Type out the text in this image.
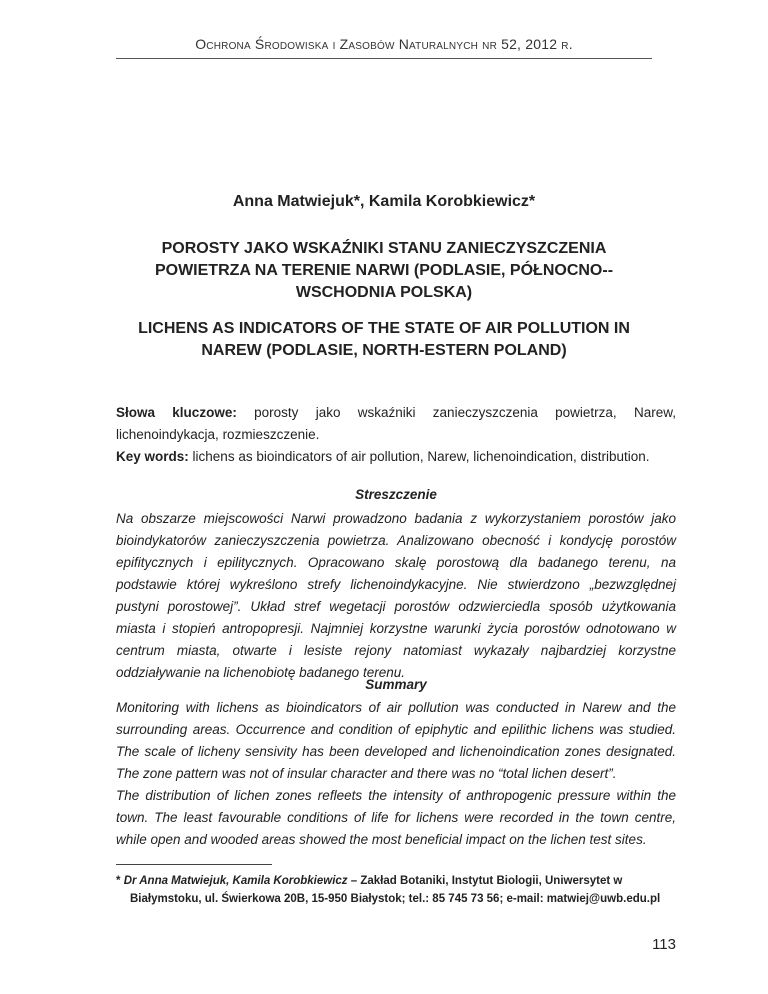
Ochrona Środowiska i Zasobów Naturalnych nr 52, 2012 r.
Anna Matwiejuk*, Kamila Korobkiewicz*
POROSTY JAKO WSKAŹNIKI STANU ZANIECZYSZCZENIA POWIETRZA NA TERENIE NARWI (PODLASIE, PÓŁNOCNO--WSCHODNIA POLSKA)
LICHENS AS INDICATORS OF THE STATE OF AIR POLLUTION IN NAREW (PODLASIE, NORTH-ESTERN POLAND)
Słowa kluczowe: porosty jako wskaźniki zanieczyszczenia powietrza, Narew, lichenoindykacja, rozmieszczenie.
Key words: lichens as bioindicators of air pollution, Narew, lichenoindication, distribution.
Streszczenie
Na obszarze miejscowości Narwi prowadzono badania z wykorzystaniem porostów jako bioindykatorów zanieczyszczenia powietrza. Analizowano obecność i kondycję porostów epifitycznych i epilitycznych. Opracowano skalę porostową dla badanego terenu, na podstawie której wykreślono strefy lichenoindykacyjne. Nie stwierdzono „bezwzględnej pustyni porostowej”. Układ stref wegetacji porostów odzwierciedla sposób użytkowania miasta i stopień antropopresji. Najmniej korzystne warunki życia porostów odnotowano w centrum miasta, otwarte i lesiste rejony natomiast wykazały najbardziej korzystne oddziaływanie na lichenobiotę badanego terenu.
Summary

Monitoring with lichens as bioindicators of air pollution was conducted in Narew and the surrounding areas. Occurrence and condition of epiphytic and epilithic lichens was studied. The scale of licheny sensivity has been developed and lichenoindication zones designated. The zone pattern was not of insular character and there was no “total lichen desert”.

The distribution of lichen zones refleets the intensity of anthropogenic pressure within the town. The least favourable conditions of life for lichens were recorded in the town centre, while open and wooded areas showed the most beneficial impact on the lichen test sites.

* Dr Anna Matwiejuk, Kamila Korobkiewicz – Zakład Botaniki, Instytut Biologii, Uniwersytet w Białymstoku, ul. Świerkowa 20B, 15-950 Białystok; tel.: 85 745 73 56; e-mail: matwiej@uwb.edu.pl
113
